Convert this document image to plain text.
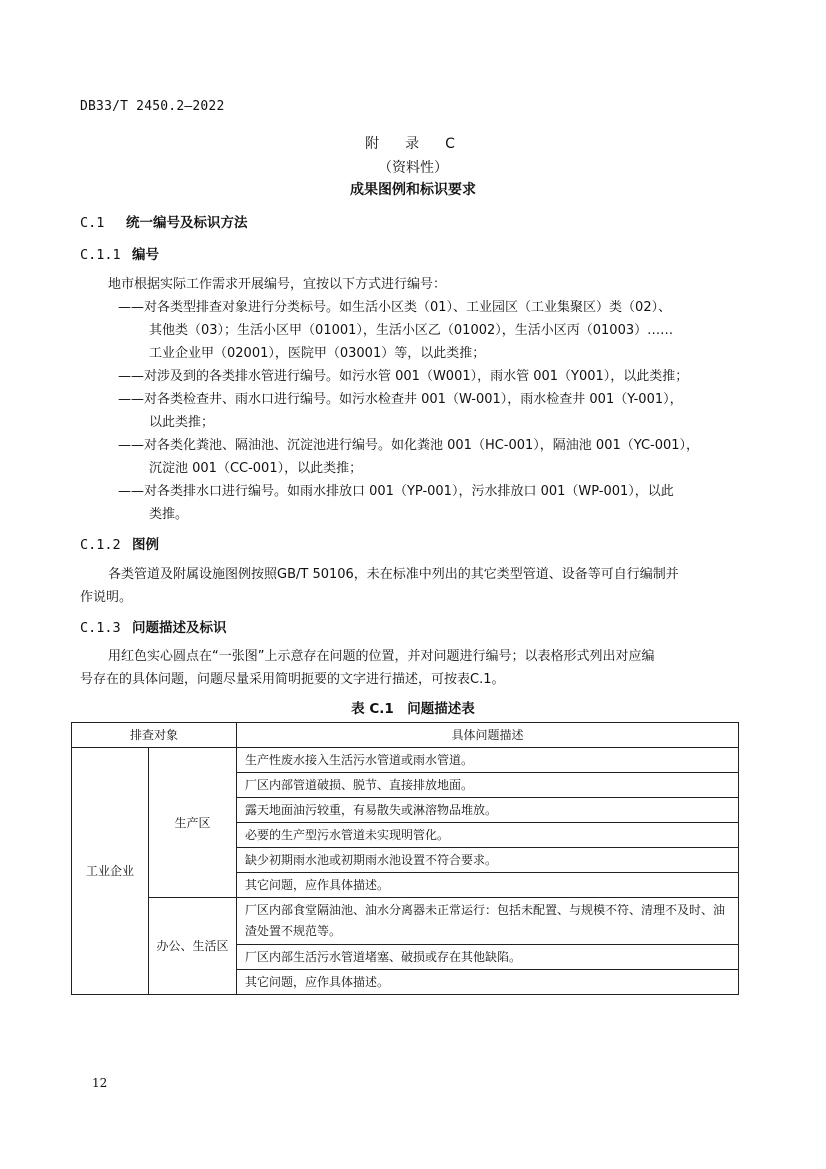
DB33/T 2450.2—2022
附　录　C
（资料性）
成果图例和标识要求
C.1 统一编号及标识方法
C.1.1 编号
地市根据实际工作需求开展编号，宜按以下方式进行编号：
——对各类型排查对象进行分类标号。如生活小区类（01）、工业园区（工业集聚区）类（02）、
其他类（03）；生活小区甲（01001），生活小区乙（01002），生活小区丙（01003）……
工业企业甲（02001），医院甲（03001）等，以此类推；
——对涉及到的各类排水管进行编号。如污水管 001（W001），雨水管 001（Y001），以此类推；
——对各类检查井、雨水口进行编号。如污水检查井 001（W-001），雨水检查井 001（Y-001），
以此类推；
——对各类化粪池、隔油池、沉淀池进行编号。如化粪池 001（HC-001），隔油池 001（YC-001），
沉淀池 001（CC-001），以此类推；
——对各类排水口进行编号。如雨水排放口 001（YP-001），污水排放口 001（WP-001），以此
类推。
C.1.2 图例
各类管道及附属设施图例按照GB/T 50106，未在标准中列出的其它类型管道、设备等可自行编制并
作说明。
C.1.3 问题描述及标识
用红色实心圆点在“一张图”上示意存在问题的位置，并对问题进行编号；以表格形式列出对应编
号存在的具体问题，问题尽量采用简明扼要的文字进行描述，可按表C.1。
表 C.1　问题描述表
排查对象		具体问题描述
工业企业	生产区	生产性废水接入生活污水管道或雨水管道。
		厂区内部管道破损、脱节、直接排放地面。
		露天地面油污较重，有易散失或淋溶物品堆放。
		必要的生产型污水管道未实现明管化。
		缺少初期雨水池或初期雨水池设置不符合要求。
		其它问题，应作具体描述。
	办公、生活区	厂区内部食堂隔油池、油水分离器未正常运行：包括未配置、与规模不符、清理不及时、油渣处置不规范等。
		厂区内部生活污水管道堵塞、破损或存在其他缺陷。
		其它问题，应作具体描述。
12
